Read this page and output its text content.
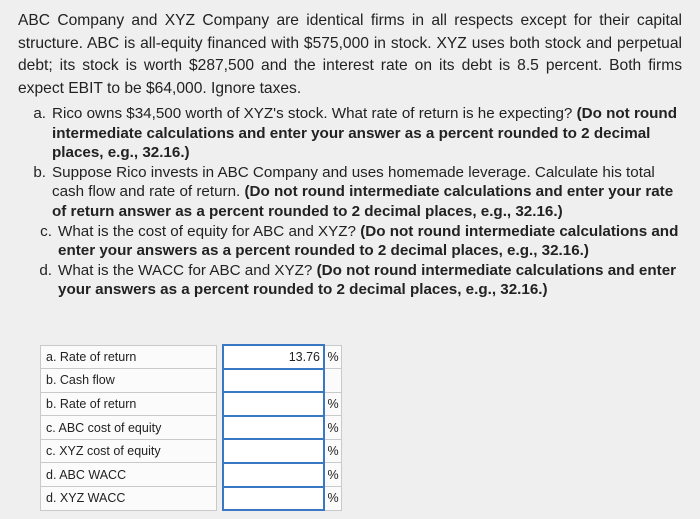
ABC Company and XYZ Company are identical firms in all respects except for their capital structure. ABC is all-equity financed with $575,000 in stock. XYZ uses both stock and perpetual debt; its stock is worth $287,500 and the interest rate on its debt is 8.5 percent. Both firms expect EBIT to be $64,000. Ignore taxes.
a. Rico owns $34,500 worth of XYZ's stock. What rate of return is he expecting? (Do not round intermediate calculations and enter your answer as a percent rounded to 2 decimal places, e.g., 32.16.)
b. Suppose Rico invests in ABC Company and uses homemade leverage. Calculate his total cash flow and rate of return. (Do not round intermediate calculations and enter your rate of return answer as a percent rounded to 2 decimal places, e.g., 32.16.)
c. What is the cost of equity for ABC and XYZ? (Do not round intermediate calculations and enter your answers as a percent rounded to 2 decimal places, e.g., 32.16.)
d. What is the WACC for ABC and XYZ? (Do not round intermediate calculations and enter your answers as a percent rounded to 2 decimal places, e.g., 32.16.)
a. Rate of return		13.76	%
b. Cash flow			
b. Rate of return			%
c. ABC cost of equity			%
c. XYZ cost of equity			%
d. ABC WACC			%
d. XYZ WACC			%
